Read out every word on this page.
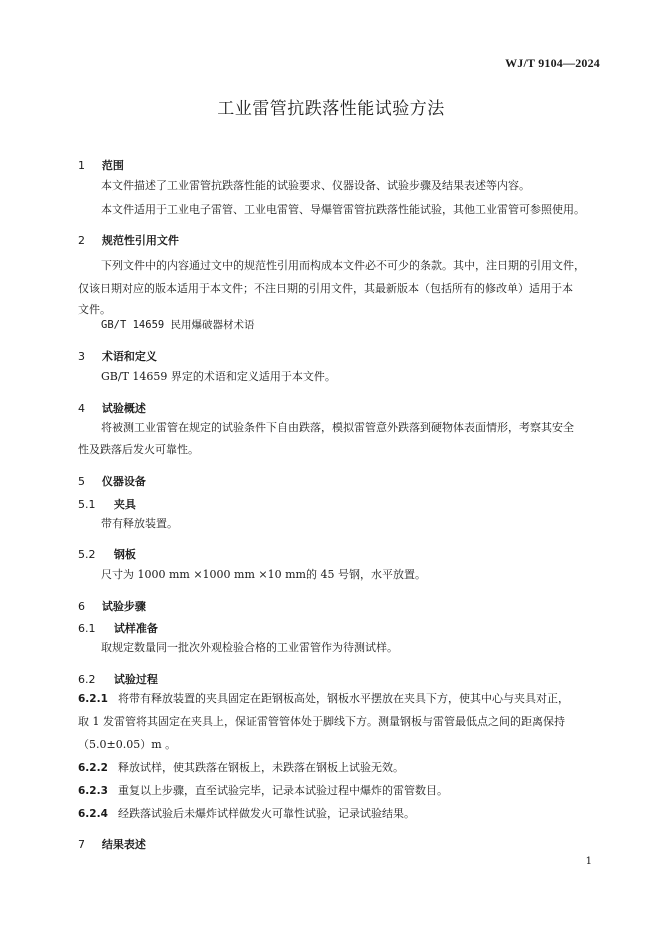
WJ/T 9104—2024
工业雷管抗跌落性能试验方法
1 范围
本文件描述了工业雷管抗跌落性能的试验要求、仪器设备、试验步骤及结果表述等内容。
本文件适用于工业电子雷管、工业电雷管、导爆管雷管抗跌落性能试验，其他工业雷管可参照使用。
2 规范性引用文件
下列文件中的内容通过文中的规范性引用而构成本文件必不可少的条款。其中，注日期的引用文件，
仅该日期对应的版本适用于本文件；不注日期的引用文件，其最新版本（包括所有的修改单）适用于本
文件。
GB/T 14659 民用爆破器材术语
3 术语和定义
GB/T 14659 界定的术语和定义适用于本文件。
4 试验概述
将被测工业雷管在规定的试验条件下自由跌落，模拟雷管意外跌落到硬物体表面情形，考察其安全
性及跌落后发火可靠性。
5 仪器设备
5.1 夹具
带有释放装置。
5.2 钢板
尺寸为 1000 mm ×1000 mm ×10 mm的 45 号钢，水平放置。
6 试验步骤
6.1 试样准备
取规定数量同一批次外观检验合格的工业雷管作为待测试样。
6.2 试验过程
6.2.1 将带有释放装置的夹具固定在距钢板高处，钢板水平摆放在夹具下方，使其中心与夹具对正，
取 1 发雷管将其固定在夹具上，保证雷管管体处于脚线下方。测量钢板与雷管最低点之间的距离保持
（5.0±0.05）m 。
6.2.2 释放试样，使其跌落在钢板上，未跌落在钢板上试验无效。
6.2.3 重复以上步骤，直至试验完毕，记录本试验过程中爆炸的雷管数目。
6.2.4 经跌落试验后未爆炸试样做发火可靠性试验，记录试验结果。
7 结果表述
1
